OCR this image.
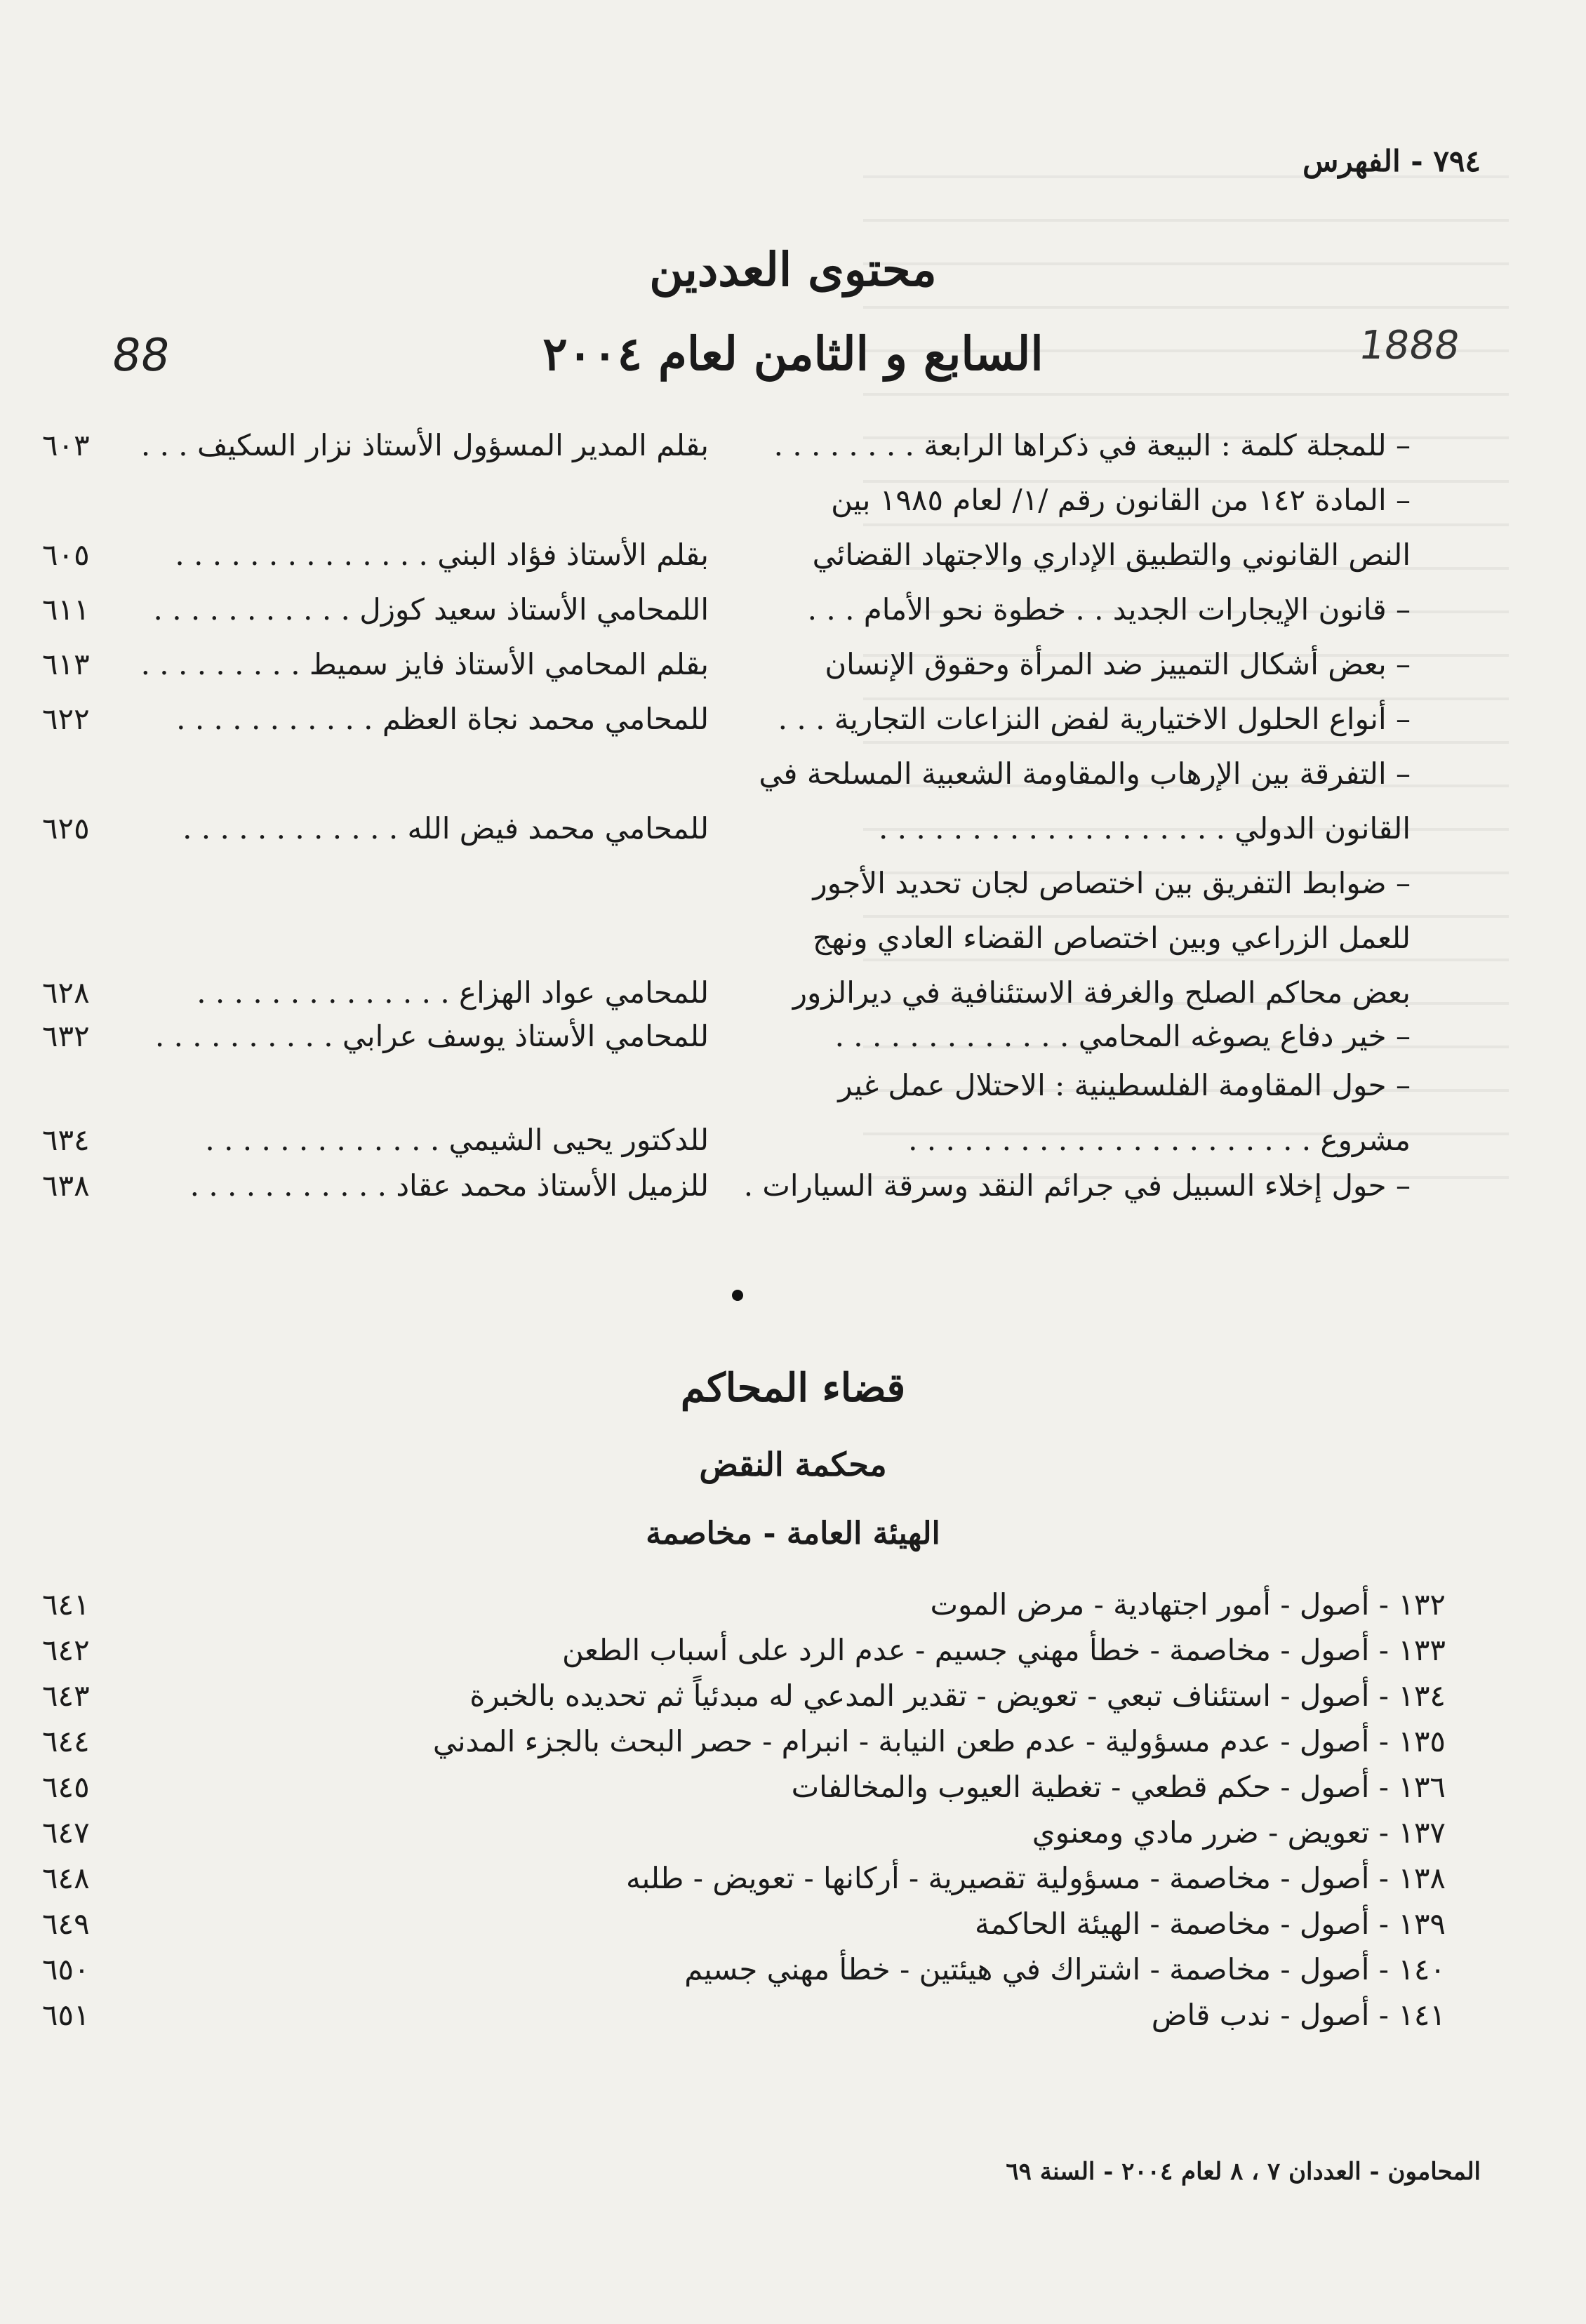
٧٩٤ - الفهرس
محتوى العددين
السابع و الثامن لعام ٢٠٠٤
88	1888
– للمجلة كلمة : البيعة في ذكراها الرابعة . . . . . . . .
بقلم المدير المسؤول الأستاذ نزار السكيف . . .
٦٠٣
– المادة ١٤٢ من القانون رقم /١/ لعام ١٩٨٥ بين
النص القانوني والتطبيق الإداري والاجتهاد القضائي
بقلم الأستاذ فؤاد البني . . . . . . . . . . . . . .
٦٠٥
– قانون الإيجارات الجديد . . خطوة نحو الأمام . . .
اللمحامي الأستاذ سعيد كوزل . . . . . . . . . . .
٦١١
– بعض أشكال التمييز ضد المرأة وحقوق الإنسان
بقلم المحامي الأستاذ فايز سميط . . . . . . . . .
٦١٣
– أنواع الحلول الاختيارية لفض النزاعات التجارية . . .
للمحامي محمد نجاة العظم . . . . . . . . . . .
٦٢٢
– التفرقة بين الإرهاب والمقاومة الشعبية المسلحة في
القانون الدولي . . . . . . . . . . . . . . . . . . .
للمحامي محمد فيض الله . . . . . . . . . . . .
٦٢٥
– ضوابط التفريق بين اختصاص لجان تحديد الأجور
للعمل الزراعي وبين اختصاص القضاء العادي ونهج
بعض محاكم الصلح والغرفة الاستئنافية في ديرالزور
للمحامي عواد الهزاع . . . . . . . . . . . . . .
٦٢٨
– خير دفاع يصوغه المحامي . . . . . . . . . . . . .
للمحامي الأستاذ يوسف عرابي . . . . . . . . . .
٦٣٢
– حول المقاومة الفلسطينية : الاحتلال عمل غير
مشروع . . . . . . . . . . . . . . . . . . . . . .
للدكتور يحيى الشيمي . . . . . . . . . . . . .
٦٣٤
– حول إخلاء السبيل في جرائم النقد وسرقة السيارات .
للزميل الأستاذ محمد عقاد . . . . . . . . . . .
٦٣٨
قضاء المحاكم
محكمة النقض
الهيئة العامة - مخاصمة
١٣٢ - أصول - أمور اجتهادية - مرض الموت
٦٤١
١٣٣ - أصول - مخاصمة - خطأ مهني جسيم - عدم الرد على أسباب الطعن
٦٤٢
١٣٤ - أصول - استئناف تبعي - تعويض - تقدير المدعي له مبدئياً ثم تحديده بالخبرة
٦٤٣
١٣٥ - أصول - عدم مسؤولية - عدم طعن النيابة - انبرام - حصر البحث بالجزء المدني
٦٤٤
١٣٦ - أصول - حكم قطعي - تغطية العيوب والمخالفات
٦٤٥
١٣٧ - تعويض - ضرر مادي ومعنوي
٦٤٧
١٣٨ - أصول - مخاصمة - مسؤولية تقصيرية - أركانها - تعويض - طلبه
٦٤٨
١٣٩ - أصول - مخاصمة - الهيئة الحاكمة
٦٤٩
١٤٠ - أصول - مخاصمة - اشتراك في هيئتين - خطأ مهني جسيم
٦٥٠
١٤١ - أصول - ندب قاض
٦٥١
المحامون - العددان ٧ ، ٨ لعام ٢٠٠٤ - السنة ٦٩
